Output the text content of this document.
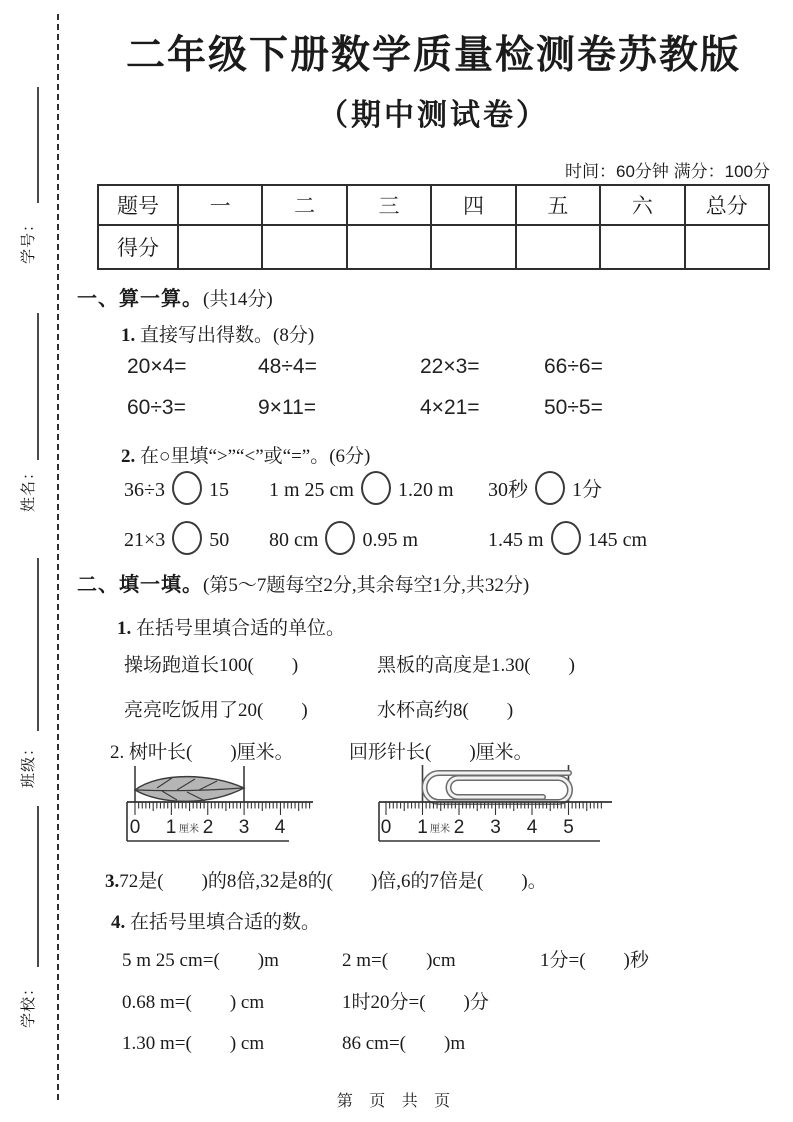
学号：
姓名：
班级：
学校：
二年级下册数学质量检测卷苏教版
（期中测试卷）
时间：60分钟 满分：100分
题号	一	二	三	四	五	六	总分
得分							
一、算一算。(共14分)
1. 直接写出得数。(8分)
20×4=	48÷4=	22×3=	66÷6=
60÷3=	9×11=	4×21=	50÷5=
2. 在○里填“>”“<”或“=”。(6分)
36÷3 15	1 m 25 cm 1.20 m	30秒 1分
21×3 50	80 cm 0.95 m	1.45 m 145 cm
二、填一填。(第5～7题每空2分,其余每空1分,共32分)
1. 在括号里填合适的单位。
操场跑道长100(　　)	黑板的高度是1.30(　　)
亮亮吃饭用了20(　　)	水杯高约8(　　)
2. 树叶长(　　)厘米。	回形针长(　　)厘米。
0 1 厘米 2 3 4	0 1 厘米 2 3 4 5
3.72是(　　)的8倍,32是8的(　　)倍,6的7倍是(　　)。
4. 在括号里填合适的数。
5 m 25 cm=(　　)m	2 m=(　　)cm	1分=(　　)秒
0.68 m=(　　) cm	1时20分=(　　)分
1.30 m=(　　) cm	86 cm=(　　)m
第 页 共 页
